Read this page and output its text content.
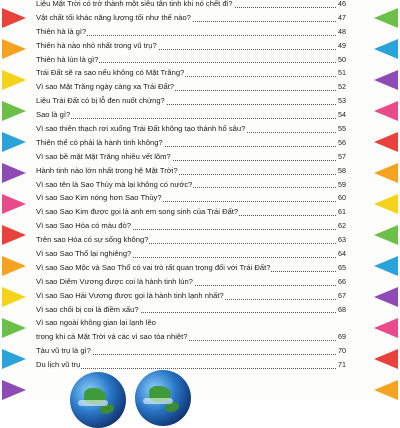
Liệu Mặt Trời có trở thành một siêu tân tinh khi nó chết đi?	46
Vật chất tối khác năng lượng tối như thế nào?	47
Thiên hà là gì?	48
Thiên hà nào nhỏ nhất trong vũ trụ?	49
Thiên hà lùn là gì?	50
Trái Đất sẽ ra sao nếu không có Mặt Trăng?	51
Vì sao Mặt Trăng ngày càng xa Trái Đất?	52
Liệu Trái Đất có bị lỗ đen nuốt chửng?	53
Sao là gì?	54
Vì sao thiên thạch rơi xuống Trái Đất không tạo thành hố sâu?	55
Thiên thể có phải là hành tinh không?	56
Vì sao bề mặt Mặt Trăng nhiều vết lõm?	57
Hành tinh nào lớn nhất trong hệ Mặt Trời?	58
Vì sao tên là Sao Thủy mà lại không có nước?	59
Vì sao Sao Kim nóng hơn Sao Thủy?	60
Vì sao Sao Kim được gọi là anh em song sinh của Trái Đất?	61
Vì sao Sao Hỏa có màu đỏ?	62
Trên sao Hỏa có sự sống không?	63
Vì sao Sao Thổ lại nghiêng?	64
Vì sao Sao Mộc và Sao Thổ có vai trò rất quan trọng đối với Trái Đất?	65
Vì sao Diêm Vương được coi là hành tinh lùn?	66
Vì sao Sao Hải Vương được gọi là hành tinh lạnh nhất?	67
Vì sao chổi bị coi là điềm xấu?	68
Vì sao ngoài không gian lại lạnh lẽo
trong khi cả Mặt Trời và các vì sao tỏa nhiệt?	69
Tàu vũ trụ là gì?	70
Du lịch vũ trụ	71
